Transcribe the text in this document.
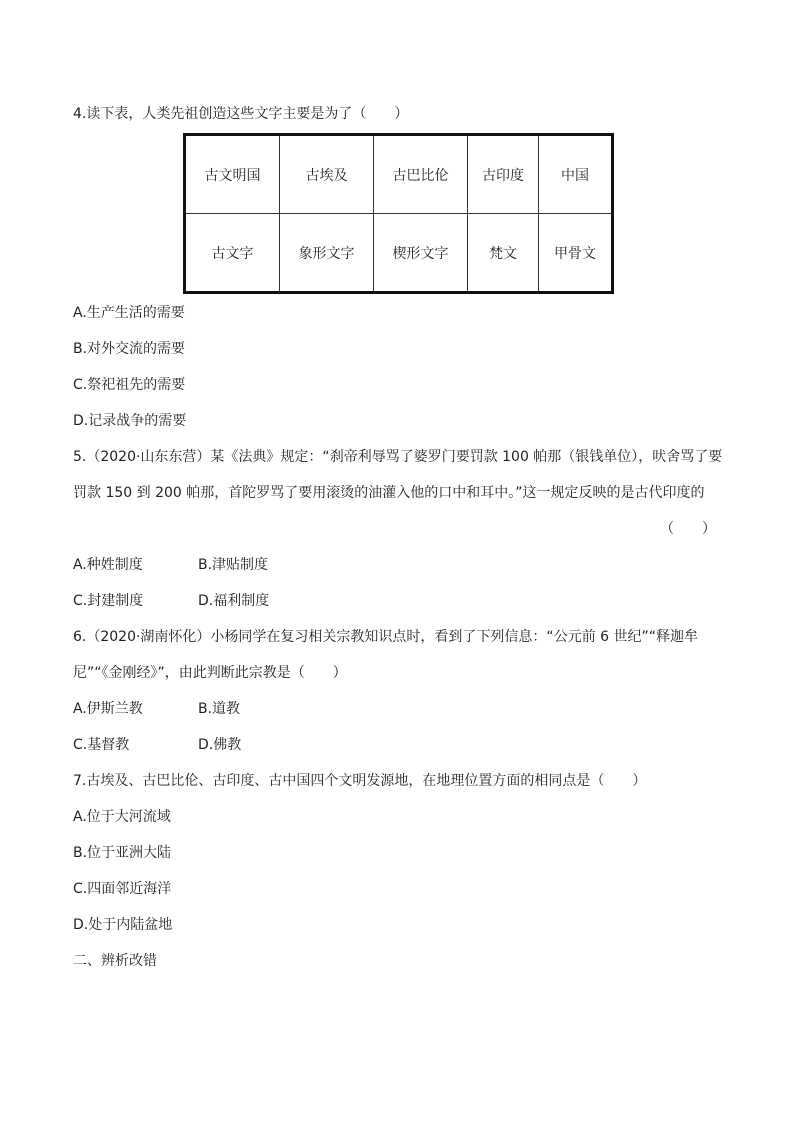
4.读下表，人类先祖创造这些文字主要是为了（　　）
古文明国	古埃及	古巴比伦	古印度	中国
古文字	象形文字	楔形文字	梵文	甲骨文
A.生产生活的需要
B.对外交流的需要
C.祭祀祖先的需要
D.记录战争的需要
5.（2020·山东东营）某《法典》规定：“刹帝利辱骂了婆罗门要罚款 100 帕那（银钱单位），吠舍骂了要
罚款 150 到 200 帕那，首陀罗骂了要用滚烫的油灌入他的口中和耳中。”这一规定反映的是古代印度的
（　　）
A.种姓制度	B.津贴制度
C.封建制度	D.福利制度
6.（2020·湖南怀化）小杨同学在复习相关宗教知识点时，看到了下列信息：“公元前 6 世纪”“释迦牟
尼”“《金刚经》”，由此判断此宗教是（　　）
A.伊斯兰教	B.道教
C.基督教	D.佛教
7.古埃及、古巴比伦、古印度、古中国四个文明发源地，在地理位置方面的相同点是（　　）
A.位于大河流域
B.位于亚洲大陆
C.四面邻近海洋
D.处于内陆盆地
二、辨析改错
